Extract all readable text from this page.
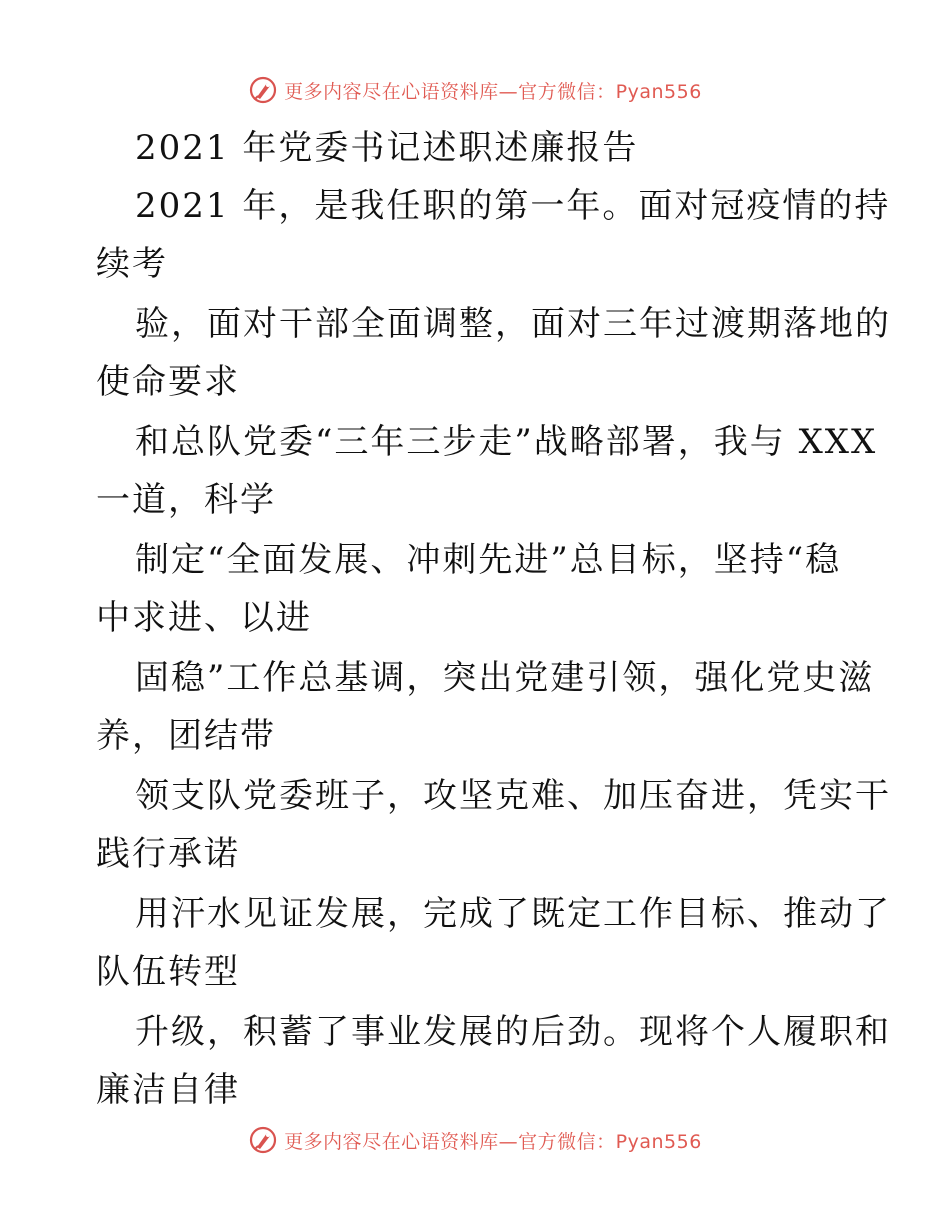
更多内容尽在心语资料库—官方微信：Pyan556
2021 年党委书记述职述廉报告
2021 年，是我任职的第一年。面对冠疫情的持
续考
验，面对干部全面调整，面对三年过渡期落地的
使命要求
和总队党委“三年三步走”战略部署，我与 XXX
一道，科学
制定“全面发展、冲刺先进”总目标，坚持“稳
中求进、以进
固稳”工作总基调，突出党建引领，强化党史滋
养，团结带
领支队党委班子，攻坚克难、加压奋进，凭实干
践行承诺
用汗水见证发展，完成了既定工作目标、推动了
队伍转型
升级，积蓄了事业发展的后劲。现将个人履职和
廉洁自律
更多内容尽在心语资料库—官方微信：Pyan556
